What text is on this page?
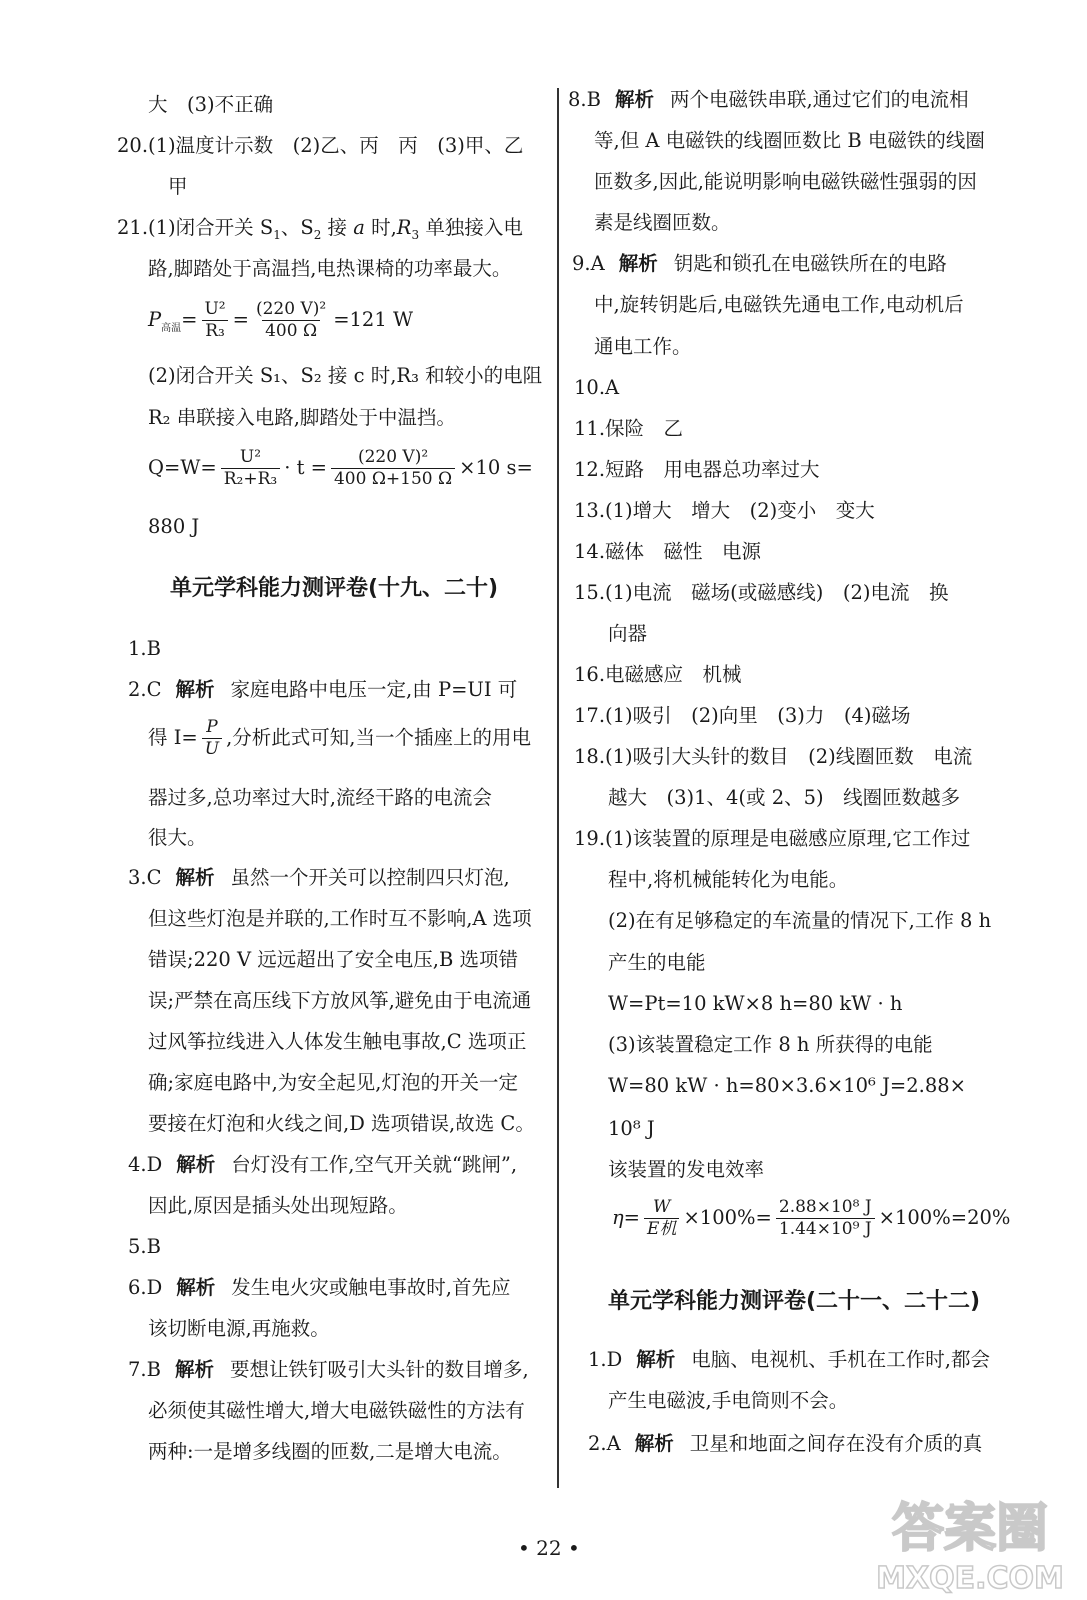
大　(3)不正确
20.(1)温度计示数　(2)乙、丙　丙　(3)甲、乙
甲
21.(1)闭合开关 $S_1$、$S_2$ 接 a 时$,R_3$ 单独接入电
路,脚踏处于高温挡,电热课椅的功率最大。
$P_{高温}= \frac{\text{U²}}{\text{R₃}} = \frac{\text{(220 V)²}}{400 \Omega} =121$ W
(2)闭合开关 S₁、S₂ 接 c 时,R₃ 和较小的电阻
R₂ 串联接入电路,脚踏处于中温挡。
$Q=W= \frac{\text{U²}}{\text{R₂+R₃}} \cdot t = \frac{\text{(220 V)²}}{400 \Omega+150 \Omega} \times 10$ s=
880 J
单元学科能力测评卷(十九、二十)
1.B
2.C 解析 家庭电路中电压一定,由 P=UI 可
得 $I= \frac{P}{U}$ ,分析此式可知,当一个插座上的用电
器过多,总功率过大时,流经干路的电流会
很大。
3.C 解析 虽然一个开关可以控制四只灯泡,
但这些灯泡是并联的,工作时互不影响,A 选项
错误;220 V 远远超出了安全电压,B 选项错
误;严禁在高压线下方放风筝,避免由于电流通
过风筝拉线进入人体发生触电事故,C 选项正
确;家庭电路中,为安全起见,灯泡的开关一定
要接在灯泡和火线之间,D 选项错误,故选 C。
4.D 解析 台灯没有工作,空气开关就“跳闸”,
因此,原因是插头处出现短路。
5.B
6.D 解析 发生电火灾或触电事故时,首先应
该切断电源,再施救。
7.B 解析 要想让铁钉吸引大头针的数目增多,
必须使其磁性增大,增大电磁铁磁性的方法有
两种:一是增多线圈的匝数,二是增大电流。
8.B 解析 两个电磁铁串联,通过它们的电流相
等,但 A 电磁铁的线圈匝数比 B 电磁铁的线圈
匝数多,因此,能说明影响电磁铁磁性强弱的因
素是线圈匝数。
9.A 解析 钥匙和锁孔在电磁铁所在的电路
中,旋转钥匙后,电磁铁先通电工作,电动机后
通电工作。
10.A
11.保险　乙
12.短路　用电器总功率过大
13.(1)增大　增大　(2)变小　变大
14.磁体　磁性　电源
15.(1)电流　磁场(或磁感线)　(2)电流　换
向器
16.电磁感应　机械
17.(1)吸引　(2)向里　(3)力　(4)磁场
18.(1)吸引大头针的数目　(2)线圈匝数　电流
越大　(3)1、4(或 2、5)　线圈匝数越多
19.(1)该装置的原理是电磁感应原理,它工作过
程中,将机械能转化为电能。
(2)在有足够稳定的车流量的情况下,工作 8 h
产生的电能
W=Pt=10 kW×8 h=80 kW · h
(3)该装置稳定工作 8 h 所获得的电能
W=80 kW · h=80×3.6×10⁶ J=2.88×
10⁸ J
该装置的发电效率
$\eta= \frac{W}{\text{E机}} \times 100\%= \frac{\text{2.88×10⁸ J}}{\text{1.44×10⁹ J}} \times 100\%=20\%$
单元学科能力测评卷(二十一、二十二)
1.D 解析 电脑、电视机、手机在工作时,都会
产生电磁波,手电筒则不会。
2.A 解析 卫星和地面之间存在没有介质的真
• 22 •	答案圈
MXQE.COM
